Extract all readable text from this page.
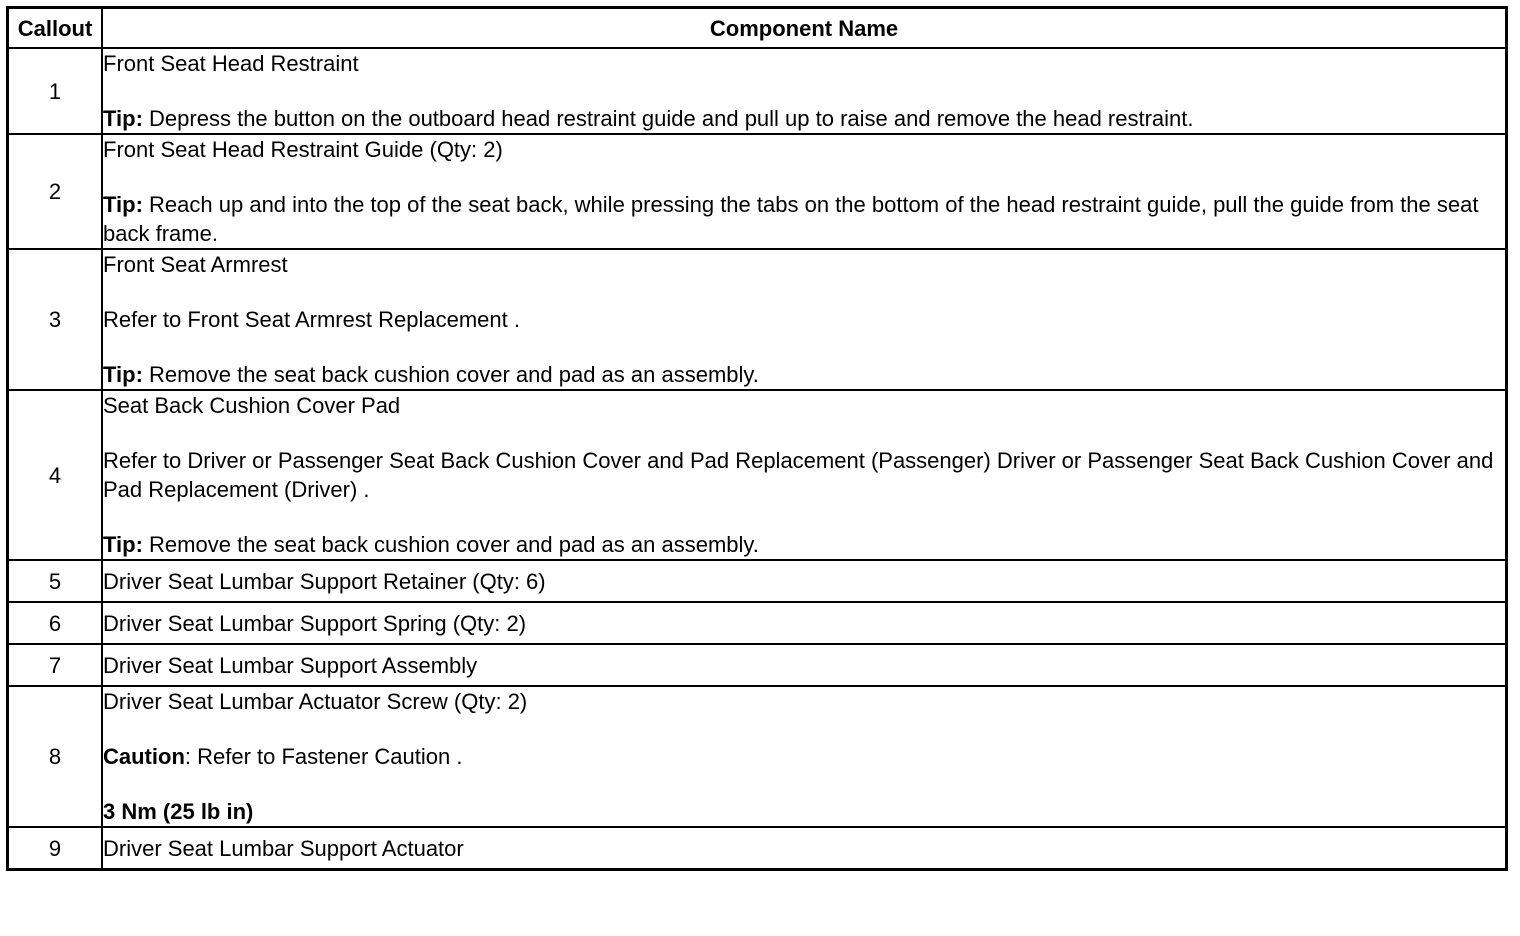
Callout	Component Name
1	Front Seat Head Restraint

Tip: Depress the button on the outboard head restraint guide and pull up to raise and remove the head restraint.

2	Front Seat Head Restraint Guide (Qty: 2)

Tip: Reach up and into the top of the seat back, while pressing the tabs on the bottom of the head restraint guide, pull the guide from the seat back frame.

3	Front Seat Armrest

Refer to Front Seat Armrest Replacement .

Tip: Remove the seat back cushion cover and pad as an assembly.

4	Seat Back Cushion Cover Pad

Refer to Driver or Passenger Seat Back Cushion Cover and Pad Replacement (Passenger) Driver or Passenger Seat Back Cushion Cover and Pad Replacement (Driver) .

Tip: Remove the seat back cushion cover and pad as an assembly.

5	Driver Seat Lumbar Support Retainer (Qty: 6)
6	Driver Seat Lumbar Support Spring (Qty: 2)
7	Driver Seat Lumbar Support Assembly
8	Driver Seat Lumbar Actuator Screw (Qty: 2)

Caution: Refer to Fastener Caution .

3 Nm (25 lb in)

9	Driver Seat Lumbar Support Actuator
